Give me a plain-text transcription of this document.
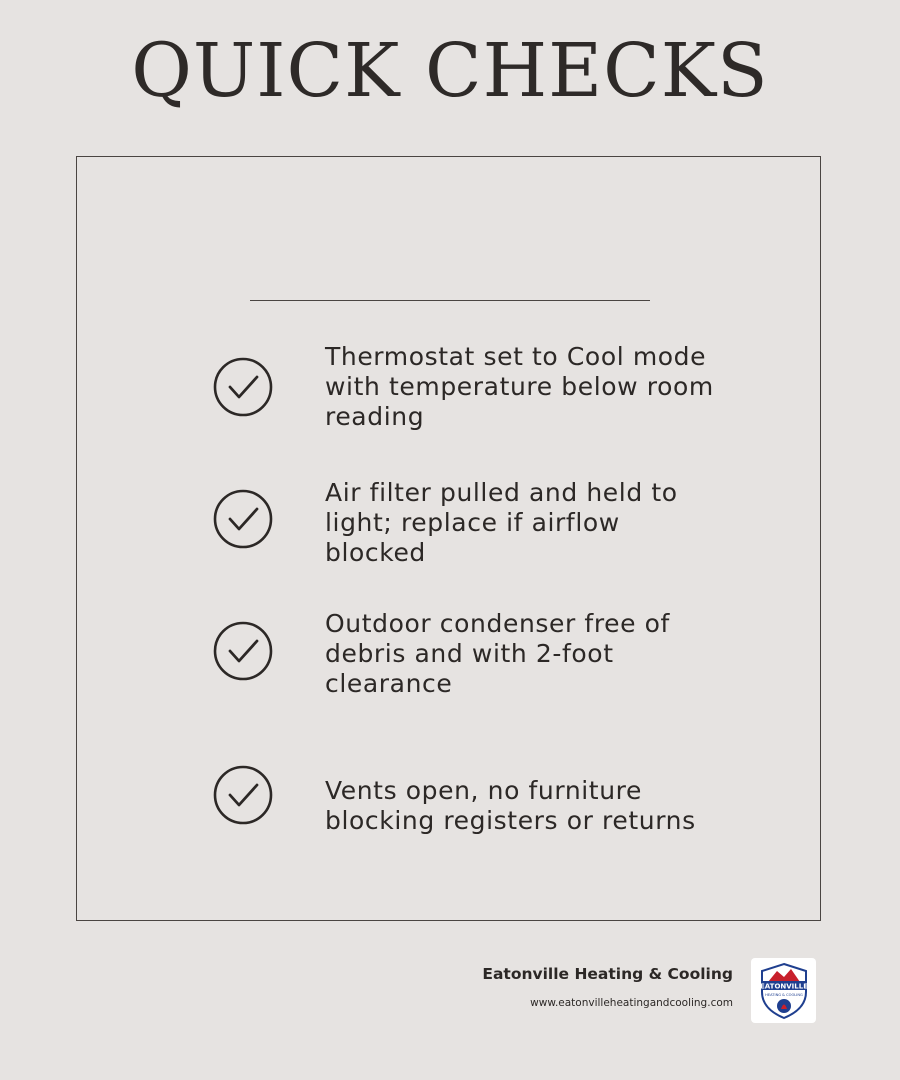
QUICK CHECKS

Thermostat set to Cool mode
with temperature below room
reading

Air filter pulled and held to
light; replace if airflow
blocked

Outdoor condenser free of
debris and with 2-foot
clearance

Vents open, no furniture
blocking registers or returns

Eatonville Heating & Cooling
www.eatonvilleheatingandcooling.com
EATONVILLE
HEATING & COOLING
